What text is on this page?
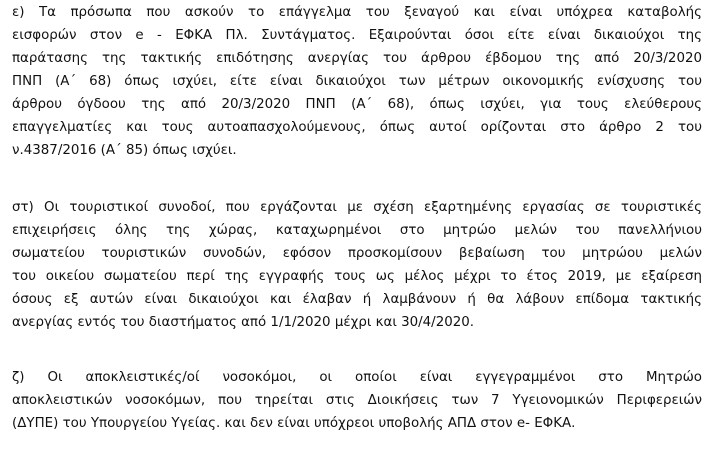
ε) Τα πρόσωπα που ασκούν το επάγγελμα του ξεναγού και είναι υπόχρεα καταβολής
εισφορών στον e - ΕΦΚΑ Πλ. Συντάγματος. Εξαιρούνται όσοι είτε είναι δικαιούχοι της
παράτασης της τακτικής επιδότησης ανεργίας του άρθρου έβδομου της από 20/3/2020
ΠΝΠ (Α΄ 68) όπως ισχύει, είτε είναι δικαιούχοι των μέτρων οικονομικής ενίσχυσης του
άρθρου όγδοου της από 20/3/2020 ΠΝΠ (Α΄ 68), όπως ισχύει, για τους ελεύθερους
επαγγελματίες και τους αυτοαπασχολούμενους, όπως αυτοί ορίζονται στο άρθρο 2 του
ν.4387/2016 (Α΄ 85) όπως ισχύει.
στ) Οι τουριστικοί συνοδοί, που εργάζονται με σχέση εξαρτημένης εργασίας σε τουριστικές
επιχειρήσεις όλης της χώρας, καταχωρημένοι στο μητρώο μελών του πανελλήνιου
σωματείου τουριστικών συνοδών, εφόσον προσκομίσουν βεβαίωση του μητρώου μελών
του οικείου σωματείου περί της εγγραφής τους ως μέλος μέχρι το έτος 2019, με εξαίρεση
όσους εξ αυτών είναι δικαιούχοι και έλαβαν ή λαμβάνουν ή θα λάβουν επίδομα τακτικής
ανεργίας εντός του διαστήματος από 1/1/2020 μέχρι και 30/4/2020.
ζ) Οι αποκλειστικές/οί νοσοκόμοι, οι οποίοι είναι εγγεγραμμένοι στο Μητρώο
αποκλειστικών νοσοκόμων, που τηρείται στις Διοικήσεις των 7 Υγειονομικών Περιφερειών
(ΔΥΠΕ) του Υπουργείου Υγείας. και δεν είναι υπόχρεοι υποβολής ΑΠΔ στον e- ΕΦΚΑ.
